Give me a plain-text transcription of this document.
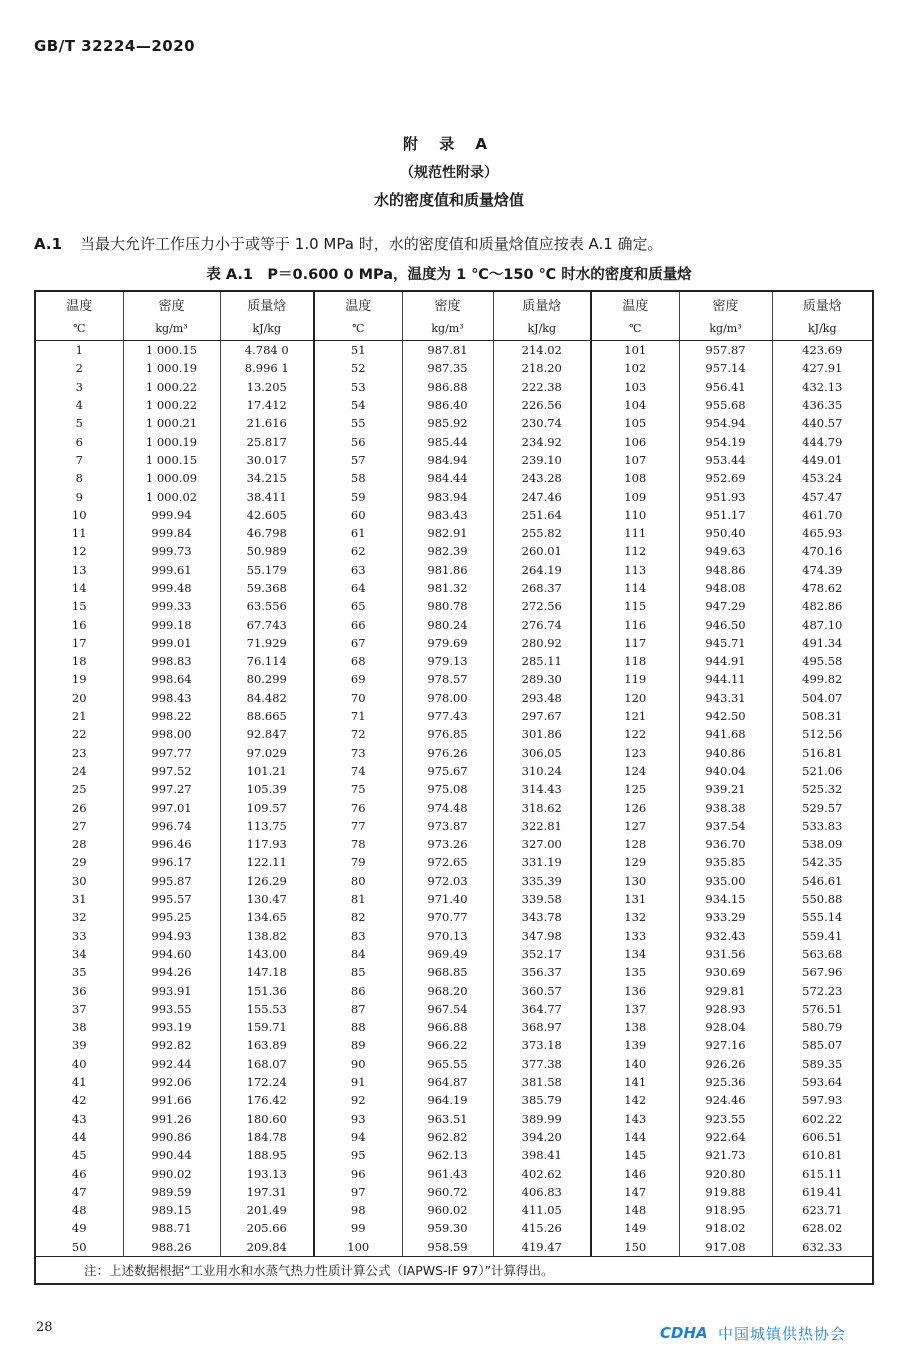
GB/T 32224—2020
附 录 A
（规范性附录）
水的密度值和质量焓值
A.1 当最大允许工作压力小于或等于 1.0 MPa 时，水的密度值和质量焓值应按表 A.1 确定。
表 A.1　P＝0.600 0 MPa，温度为 1 ℃～150 ℃ 时水的密度和质量焓
温度	密度	质量焓	温度	密度	质量焓	温度	密度	质量焓
℃	kg/m³	kJ/kg	℃	kg/m³	kJ/kg	℃	kg/m³	kJ/kg
1	1 000.15	4.784 0	51	987.81	214.02	101	957.87	423.69
2	1 000.19	8.996 1	52	987.35	218.20	102	957.14	427.91
3	1 000.22	13.205	53	986.88	222.38	103	956.41	432.13
4	1 000.22	17.412	54	986.40	226.56	104	955.68	436.35
5	1 000.21	21.616	55	985.92	230.74	105	954.94	440.57
6	1 000.19	25.817	56	985.44	234.92	106	954.19	444.79
7	1 000.15	30.017	57	984.94	239.10	107	953.44	449.01
8	1 000.09	34.215	58	984.44	243.28	108	952.69	453.24
9	1 000.02	38.411	59	983.94	247.46	109	951.93	457.47
10	999.94	42.605	60	983.43	251.64	110	951.17	461.70
11	999.84	46.798	61	982.91	255.82	111	950.40	465.93
12	999.73	50.989	62	982.39	260.01	112	949.63	470.16
13	999.61	55.179	63	981.86	264.19	113	948.86	474.39
14	999.48	59.368	64	981.32	268.37	114	948.08	478.62
15	999.33	63.556	65	980.78	272.56	115	947.29	482.86
16	999.18	67.743	66	980.24	276.74	116	946.50	487.10
17	999.01	71.929	67	979.69	280.92	117	945.71	491.34
18	998.83	76.114	68	979.13	285.11	118	944.91	495.58
19	998.64	80.299	69	978.57	289.30	119	944.11	499.82
20	998.43	84.482	70	978.00	293.48	120	943.31	504.07
21	998.22	88.665	71	977.43	297.67	121	942.50	508.31
22	998.00	92.847	72	976.85	301.86	122	941.68	512.56
23	997.77	97.029	73	976.26	306.05	123	940.86	516.81
24	997.52	101.21	74	975.67	310.24	124	940.04	521.06
25	997.27	105.39	75	975.08	314.43	125	939.21	525.32
26	997.01	109.57	76	974.48	318.62	126	938.38	529.57
27	996.74	113.75	77	973.87	322.81	127	937.54	533.83
28	996.46	117.93	78	973.26	327.00	128	936.70	538.09
29	996.17	122.11	79	972.65	331.19	129	935.85	542.35
30	995.87	126.29	80	972.03	335.39	130	935.00	546.61
31	995.57	130.47	81	971.40	339.58	131	934.15	550.88
32	995.25	134.65	82	970.77	343.78	132	933.29	555.14
33	994.93	138.82	83	970.13	347.98	133	932.43	559.41
34	994.60	143.00	84	969.49	352.17	134	931.56	563.68
35	994.26	147.18	85	968.85	356.37	135	930.69	567.96
36	993.91	151.36	86	968.20	360.57	136	929.81	572.23
37	993.55	155.53	87	967.54	364.77	137	928.93	576.51
38	993.19	159.71	88	966.88	368.97	138	928.04	580.79
39	992.82	163.89	89	966.22	373.18	139	927.16	585.07
40	992.44	168.07	90	965.55	377.38	140	926.26	589.35
41	992.06	172.24	91	964.87	381.58	141	925.36	593.64
42	991.66	176.42	92	964.19	385.79	142	924.46	597.93
43	991.26	180.60	93	963.51	389.99	143	923.55	602.22
44	990.86	184.78	94	962.82	394.20	144	922.64	606.51
45	990.44	188.95	95	962.13	398.41	145	921.73	610.81
46	990.02	193.13	96	961.43	402.62	146	920.80	615.11
47	989.59	197.31	97	960.72	406.83	147	919.88	619.41
48	989.15	201.49	98	960.02	411.05	148	918.95	623.71
49	988.71	205.66	99	959.30	415.26	149	918.02	628.02
50	988.26	209.84	100	958.59	419.47	150	917.08	632.33
注：上述数据根据“工业用水和水蒸气热力性质计算公式（IAPWS-IF 97）”计算得出。								
28	CDHA 中国城镇供热协会
